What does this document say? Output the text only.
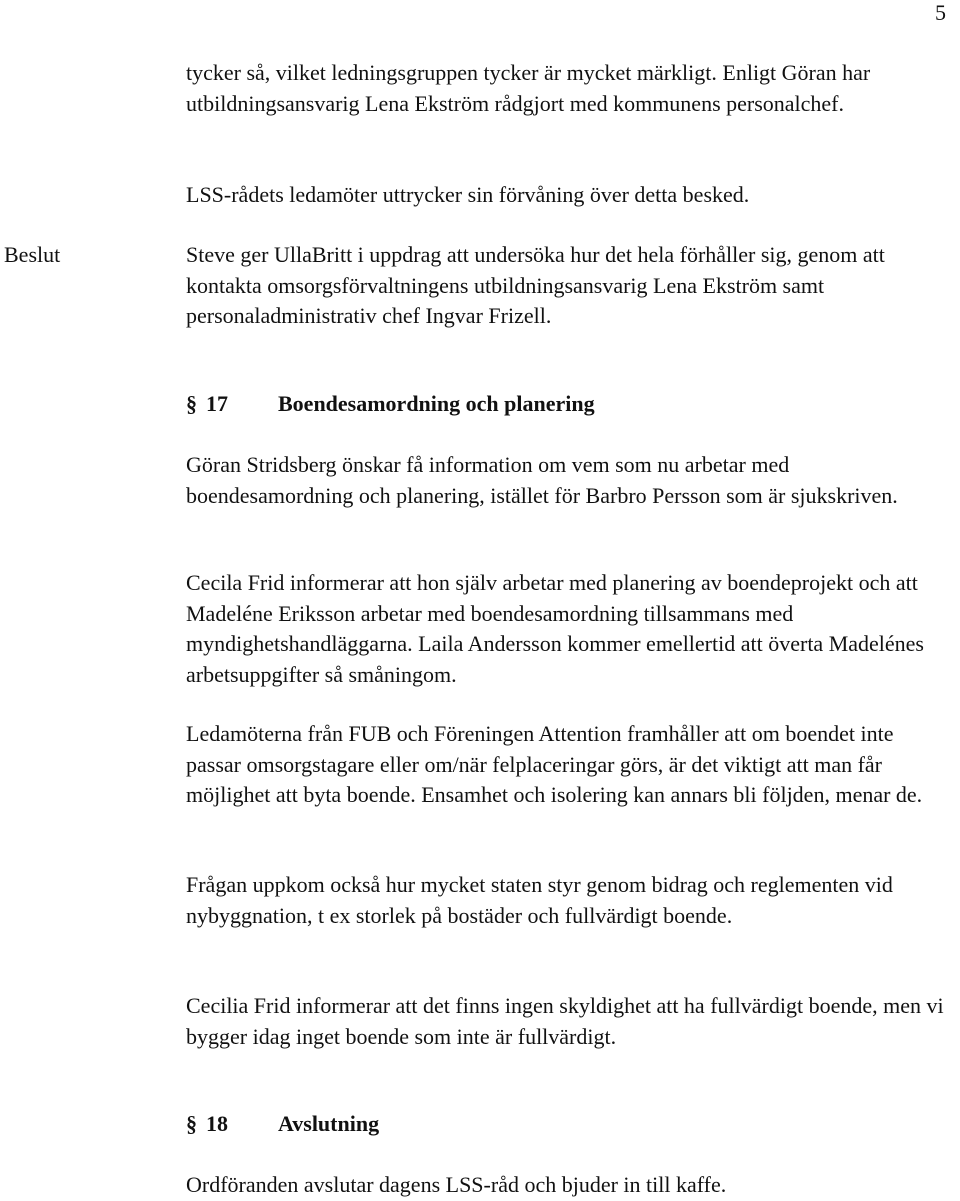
5

tycker så, vilket ledningsgruppen tycker är mycket märkligt. Enligt Göran har utbildningsansvarig Lena Ekström rådgjort med kommunens personalchef.

LSS-rådets ledamöter uttrycker sin förvåning över detta besked.

Beslut	Steve ger UllaBritt i uppdrag att undersöka hur det hela förhåller sig, genom att kontakta omsorgsförvaltningens utbildningsansvarig Lena Ekström samt personaladministrativ chef Ingvar Frizell.

§ 17 Boendesamordning och planering

Göran Stridsberg önskar få information om vem som nu arbetar med boendesamordning och planering, istället för Barbro Persson som är sjukskriven.

Cecila Frid informerar att hon själv arbetar med planering av boendeprojekt och att Madeléne Eriksson arbetar med boendesamordning tillsammans med myndighetshandläggarna. Laila Andersson kommer emellertid att överta Madelénes arbetsuppgifter så småningom.

Ledamöterna från FUB och Föreningen Attention framhåller att om boendet inte passar omsorgstagare eller om/när felplaceringar görs, är det viktigt att man får möjlighet att byta boende. Ensamhet och isolering kan annars bli följden, menar de.

Frågan uppkom också hur mycket staten styr genom bidrag och reglementen vid nybyggnation, t ex storlek på bostäder och fullvärdigt boende.

Cecilia Frid informerar att det finns ingen skyldighet att ha fullvärdigt boende, men vi bygger idag inget boende som inte är fullvärdigt.

§ 18 Avslutning

Ordföranden avslutar dagens LSS-råd och bjuder in till kaffe.
